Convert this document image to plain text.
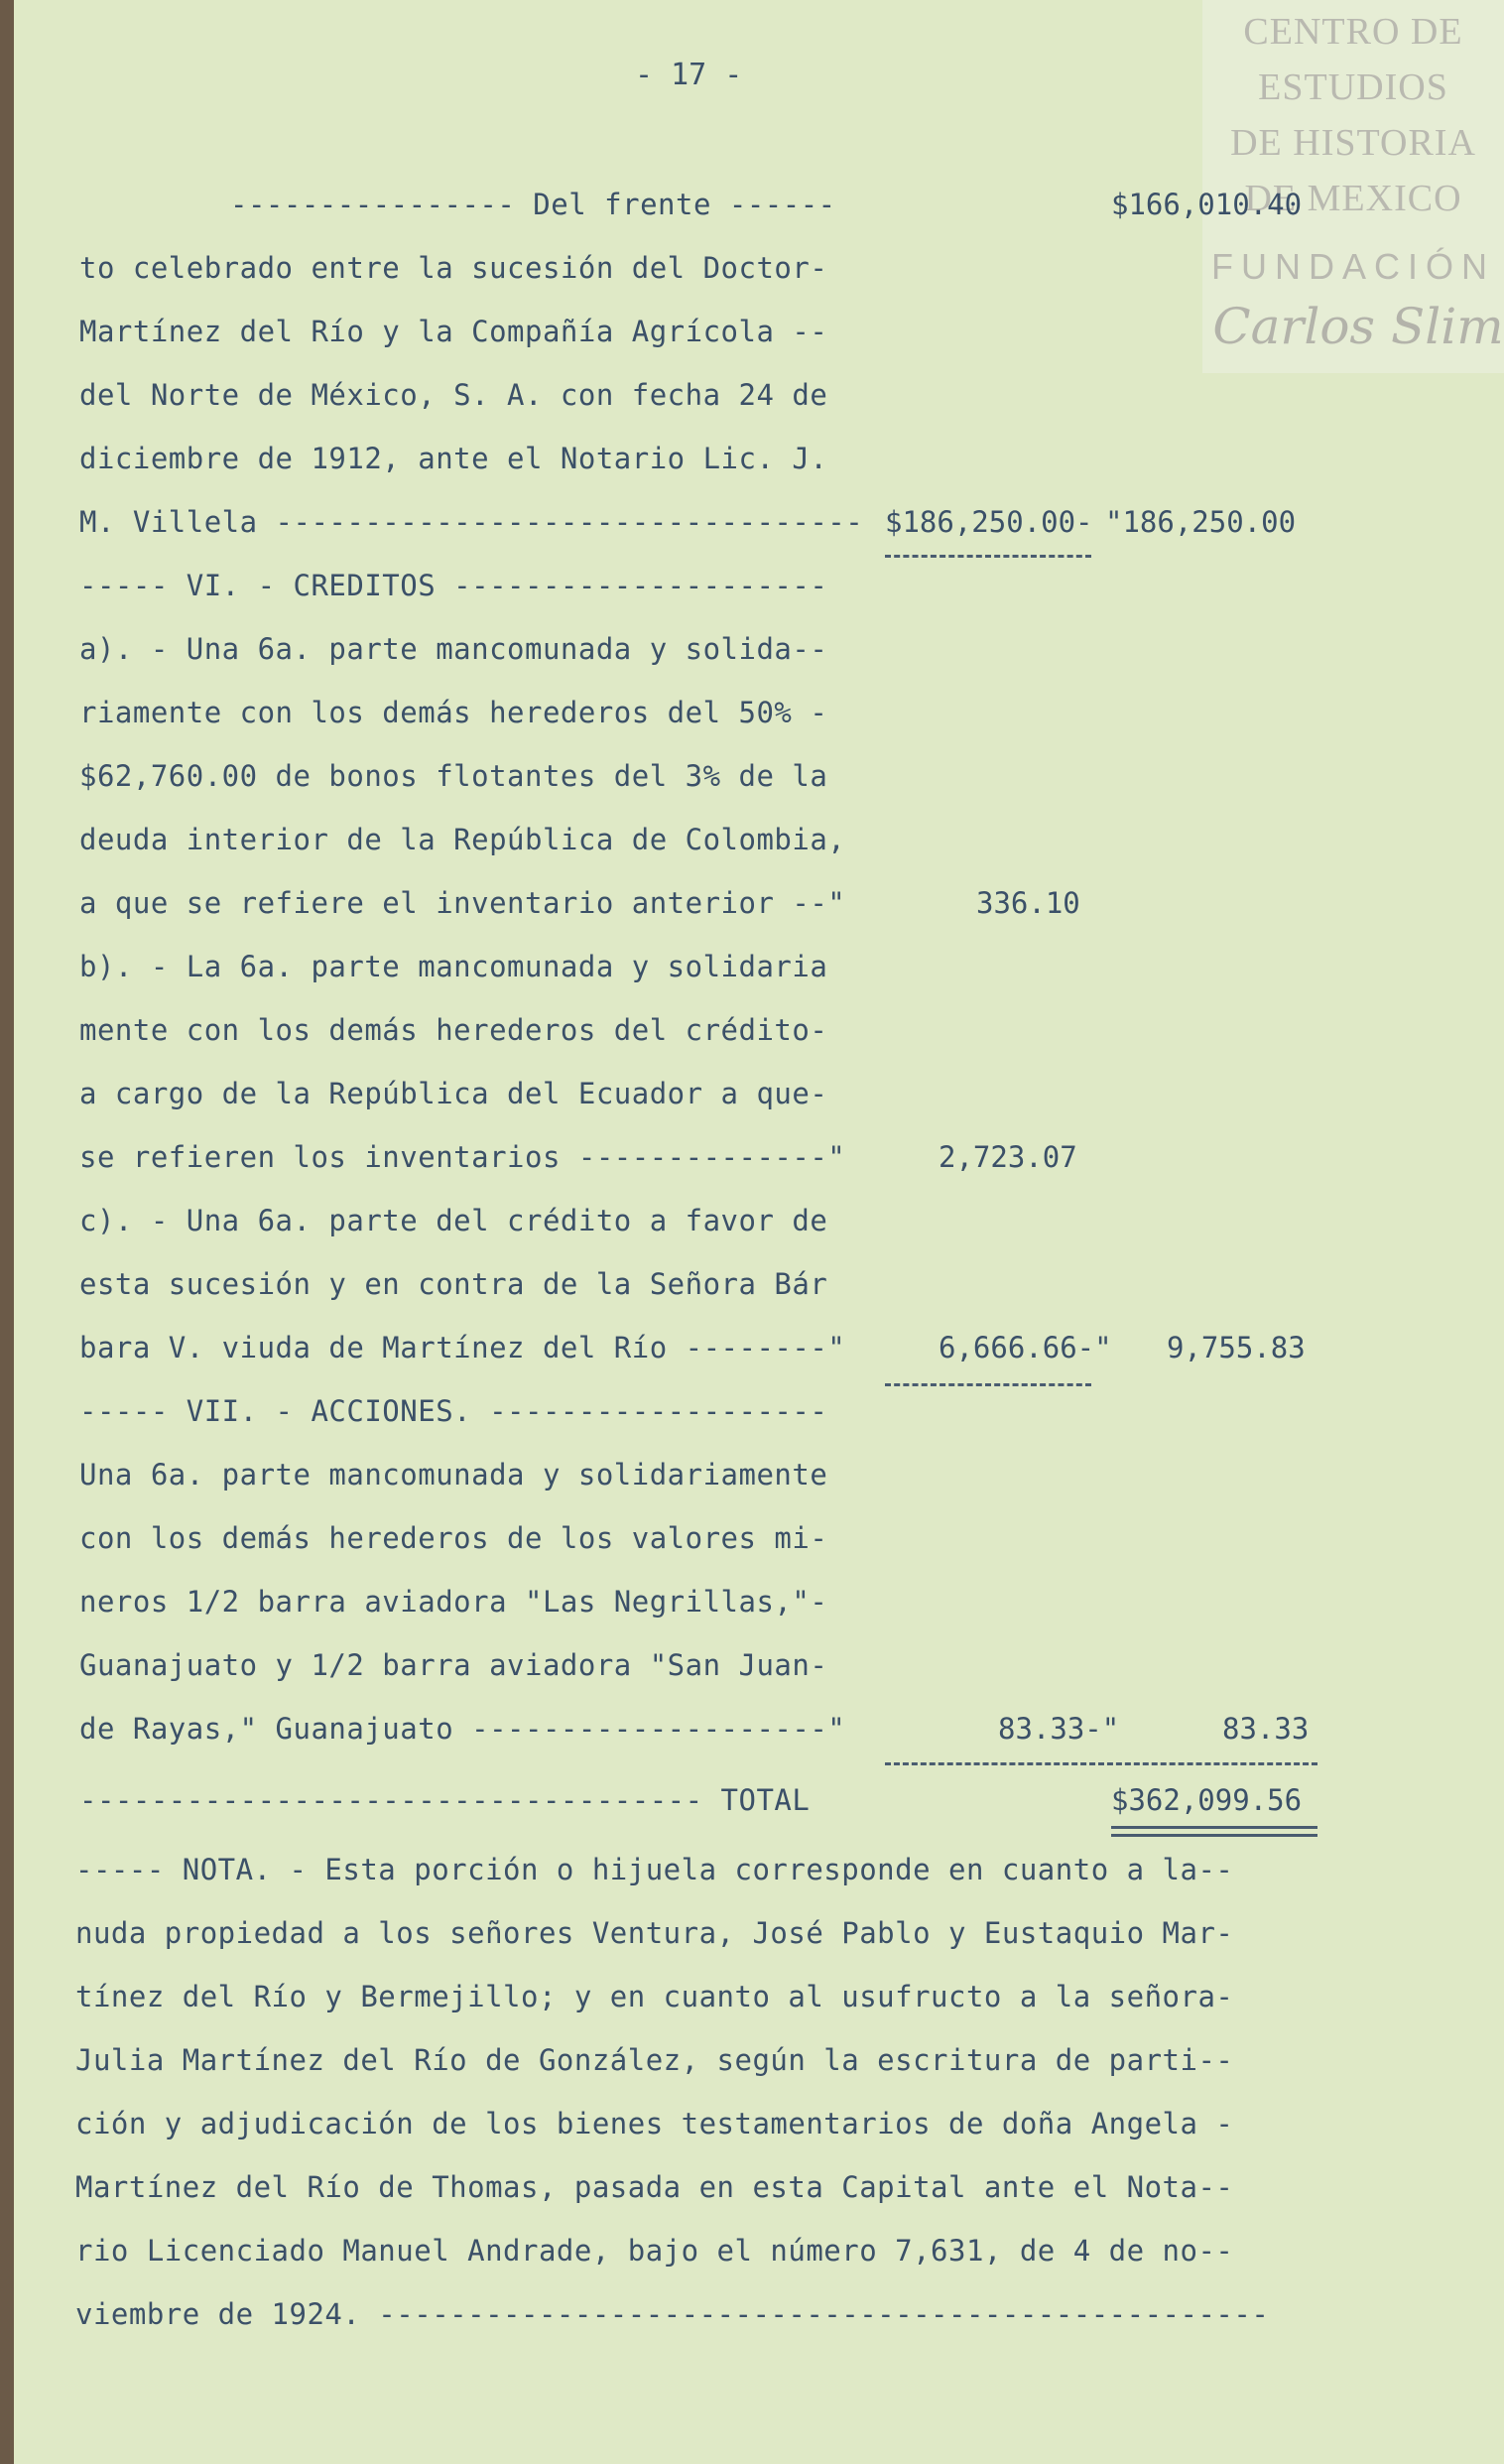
- 17 -
CENTRO DE
ESTUDIOS
DE HISTORIA
DE MEXICO
FUNDACIÓN
Carlos Slim
---------------- Del frente ------
to celebrado entre la sucesión del Doctor-
Martínez del Río y la Compañía Agrícola --
del Norte de México, S. A. con fecha 24 de
diciembre de 1912, ante el Notario Lic. J.
M. Villela ---------------------------------
----- VI. - CREDITOS ---------------------
a). - Una 6a. parte mancomunada y solida--
riamente con los demás herederos del 50% -
$62,760.00 de bonos flotantes del 3% de la
deuda interior de la República de Colombia,
a que se refiere el inventario anterior --"
b). - La 6a. parte mancomunada y solidaria
mente con los demás herederos del crédito-
a cargo de la República del Ecuador a que-
se refieren los inventarios --------------"
c). - Una 6a. parte del crédito a favor de
esta sucesión y en contra de la Señora Bár
bara V. viuda de Martínez del Río --------"
----- VII. - ACCIONES. -------------------
Una 6a. parte mancomunada y solidariamente
con los demás herederos de los valores mi-
neros 1/2 barra aviadora "Las Negrillas,"-
Guanajuato y 1/2 barra aviadora "San Juan-
de Rayas," Guanajuato --------------------"
----------------------------------- TOTAL
----- NOTA. - Esta porción o hijuela corresponde en cuanto a la--
nuda propiedad a los señores Ventura, José Pablo y Eustaquio Mar-
tínez del Río y Bermejillo; y en cuanto al usufructo a la señora-
Julia Martínez del Río de González, según la escritura de parti--
ción y adjudicación de los bienes testamentarios de doña Angela -
Martínez del Río de Thomas, pasada en esta Capital ante el Nota--
rio Licenciado Manuel Andrade, bajo el número 7,631, de 4 de no--
viembre de 1924. --------------------------------------------------
$166,010.40
$186,250.00- "186,250.00
336.10
2,723.07
6,666.66-" 9,755.83
83.33-"	83.33
$362,099.56
